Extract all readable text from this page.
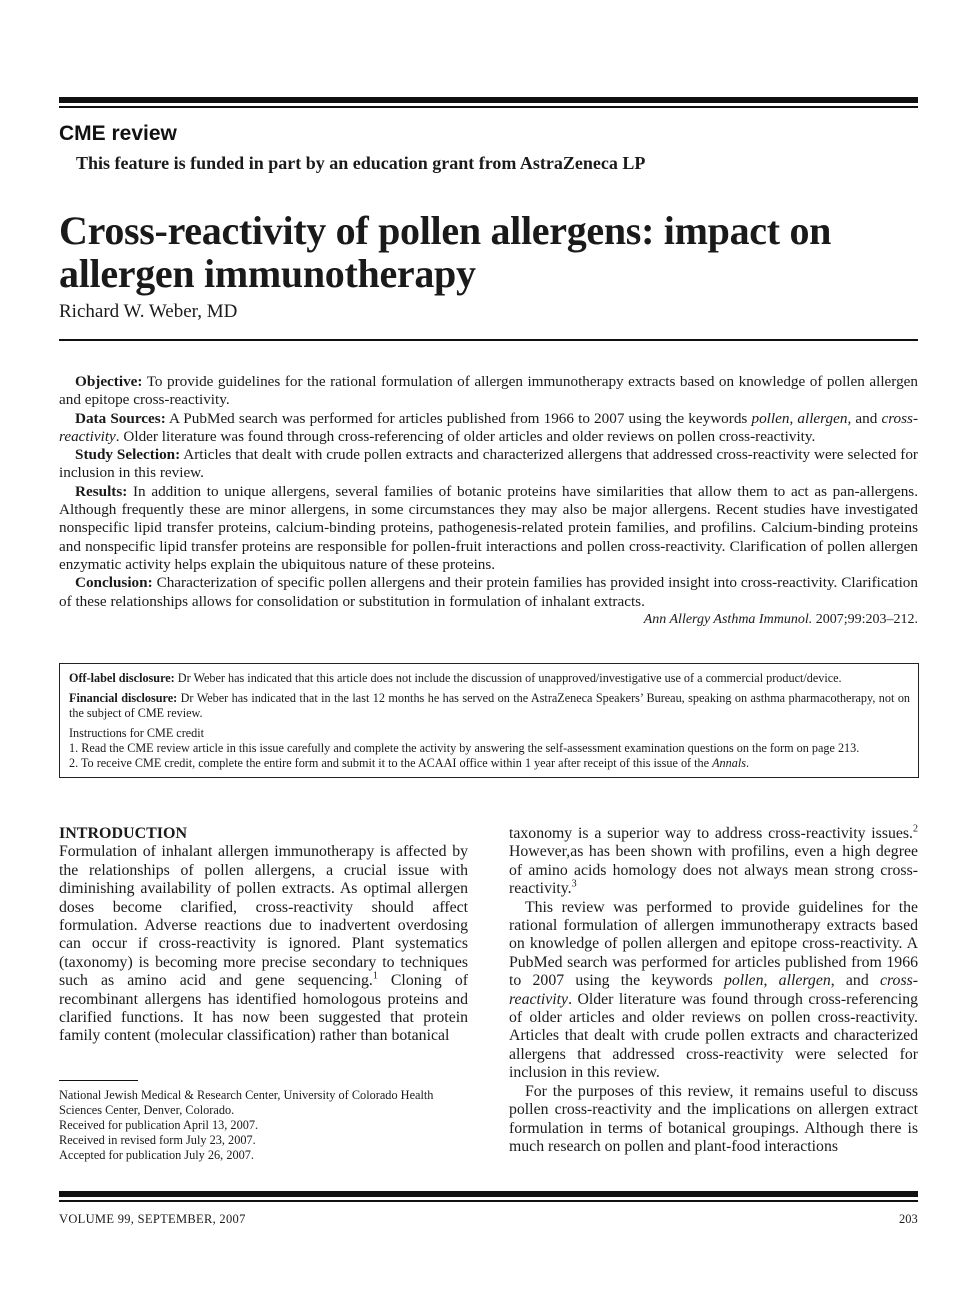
CME review
This feature is funded in part by an education grant from AstraZeneca LP
Cross-reactivity of pollen allergens: impact on allergen immunotherapy
Richard W. Weber, MD

Objective: To provide guidelines for the rational formulation of allergen immunotherapy extracts based on knowledge of pollen allergen and epitope cross-reactivity.

Data Sources: A PubMed search was performed for articles published from 1966 to 2007 using the keywords pollen, allergen, and cross-reactivity. Older literature was found through cross-referencing of older articles and older reviews on pollen cross-reactivity.

Study Selection: Articles that dealt with crude pollen extracts and characterized allergens that addressed cross-reactivity were selected for inclusion in this review.

Results: In addition to unique allergens, several families of botanic proteins have similarities that allow them to act as pan-allergens. Although frequently these are minor allergens, in some circumstances they may also be major allergens. Recent studies have investigated nonspecific lipid transfer proteins, calcium-binding proteins, pathogenesis-related protein families, and profilins. Calcium-binding proteins and nonspecific lipid transfer proteins are responsible for pollen-fruit interactions and pollen cross-reactivity. Clarification of pollen allergen enzymatic activity helps explain the ubiquitous nature of these proteins.

Conclusion: Characterization of specific pollen allergens and their protein families has provided insight into cross-reactivity. Clarification of these relationships allows for consolidation or substitution in formulation of inhalant extracts.

Ann Allergy Asthma Immunol. 2007;99:203–212.

Off-label disclosure: Dr Weber has indicated that this article does not include the discussion of unapproved/investigative use of a commercial product/device.

Financial disclosure: Dr Weber has indicated that in the last 12 months he has served on the AstraZeneca Speakers’ Bureau, speaking on asthma pharmacotherapy, not on the subject of CME review.

Instructions for CME credit

1. Read the CME review article in this issue carefully and complete the activity by answering the self-assessment examination questions on the form on page 213.

2. To receive CME credit, complete the entire form and submit it to the ACAAI office within 1 year after receipt of this issue of the Annals.

INTRODUCTION

Formulation of inhalant allergen immunotherapy is affected by the relationships of pollen allergens, a crucial issue with diminishing availability of pollen extracts. As optimal allergen doses become clarified, cross-reactivity should affect formulation. Adverse reactions due to inadvertent overdosing can occur if cross-reactivity is ignored. Plant systematics (taxonomy) is becoming more precise secondary to techniques such as amino acid and gene sequencing.$^1$ Cloning of recombinant allergens has identified homologous proteins and clarified functions. It has now been suggested that protein family content (molecular classification) rather than botanical

taxonomy is a superior way to address cross-reactivity issues.$^2$ However,as has been shown with profilins, even a high degree of amino acids homology does not always mean strong cross-reactivity.$^3$

This review was performed to provide guidelines for the rational formulation of allergen immunotherapy extracts based on knowledge of pollen allergen and epitope cross-reactivity. A PubMed search was performed for articles published from 1966 to 2007 using the keywords pollen, allergen, and cross-reactivity. Older literature was found through cross-referencing of older articles and older reviews on pollen cross-reactivity. Articles that dealt with crude pollen extracts and characterized allergens that addressed cross-reactivity were selected for inclusion in this review.

For the purposes of this review, it remains useful to discuss pollen cross-reactivity and the implications on allergen extract formulation in terms of botanical groupings. Although there is much research on pollen and plant-food interactions

National Jewish Medical & Research Center, University of Colorado Health Sciences Center, Denver, Colorado.

Received for publication April 13, 2007.

Received in revised form July 23, 2007.

Accepted for publication July 26, 2007.

VOLUME 99, SEPTEMBER, 2007	203
